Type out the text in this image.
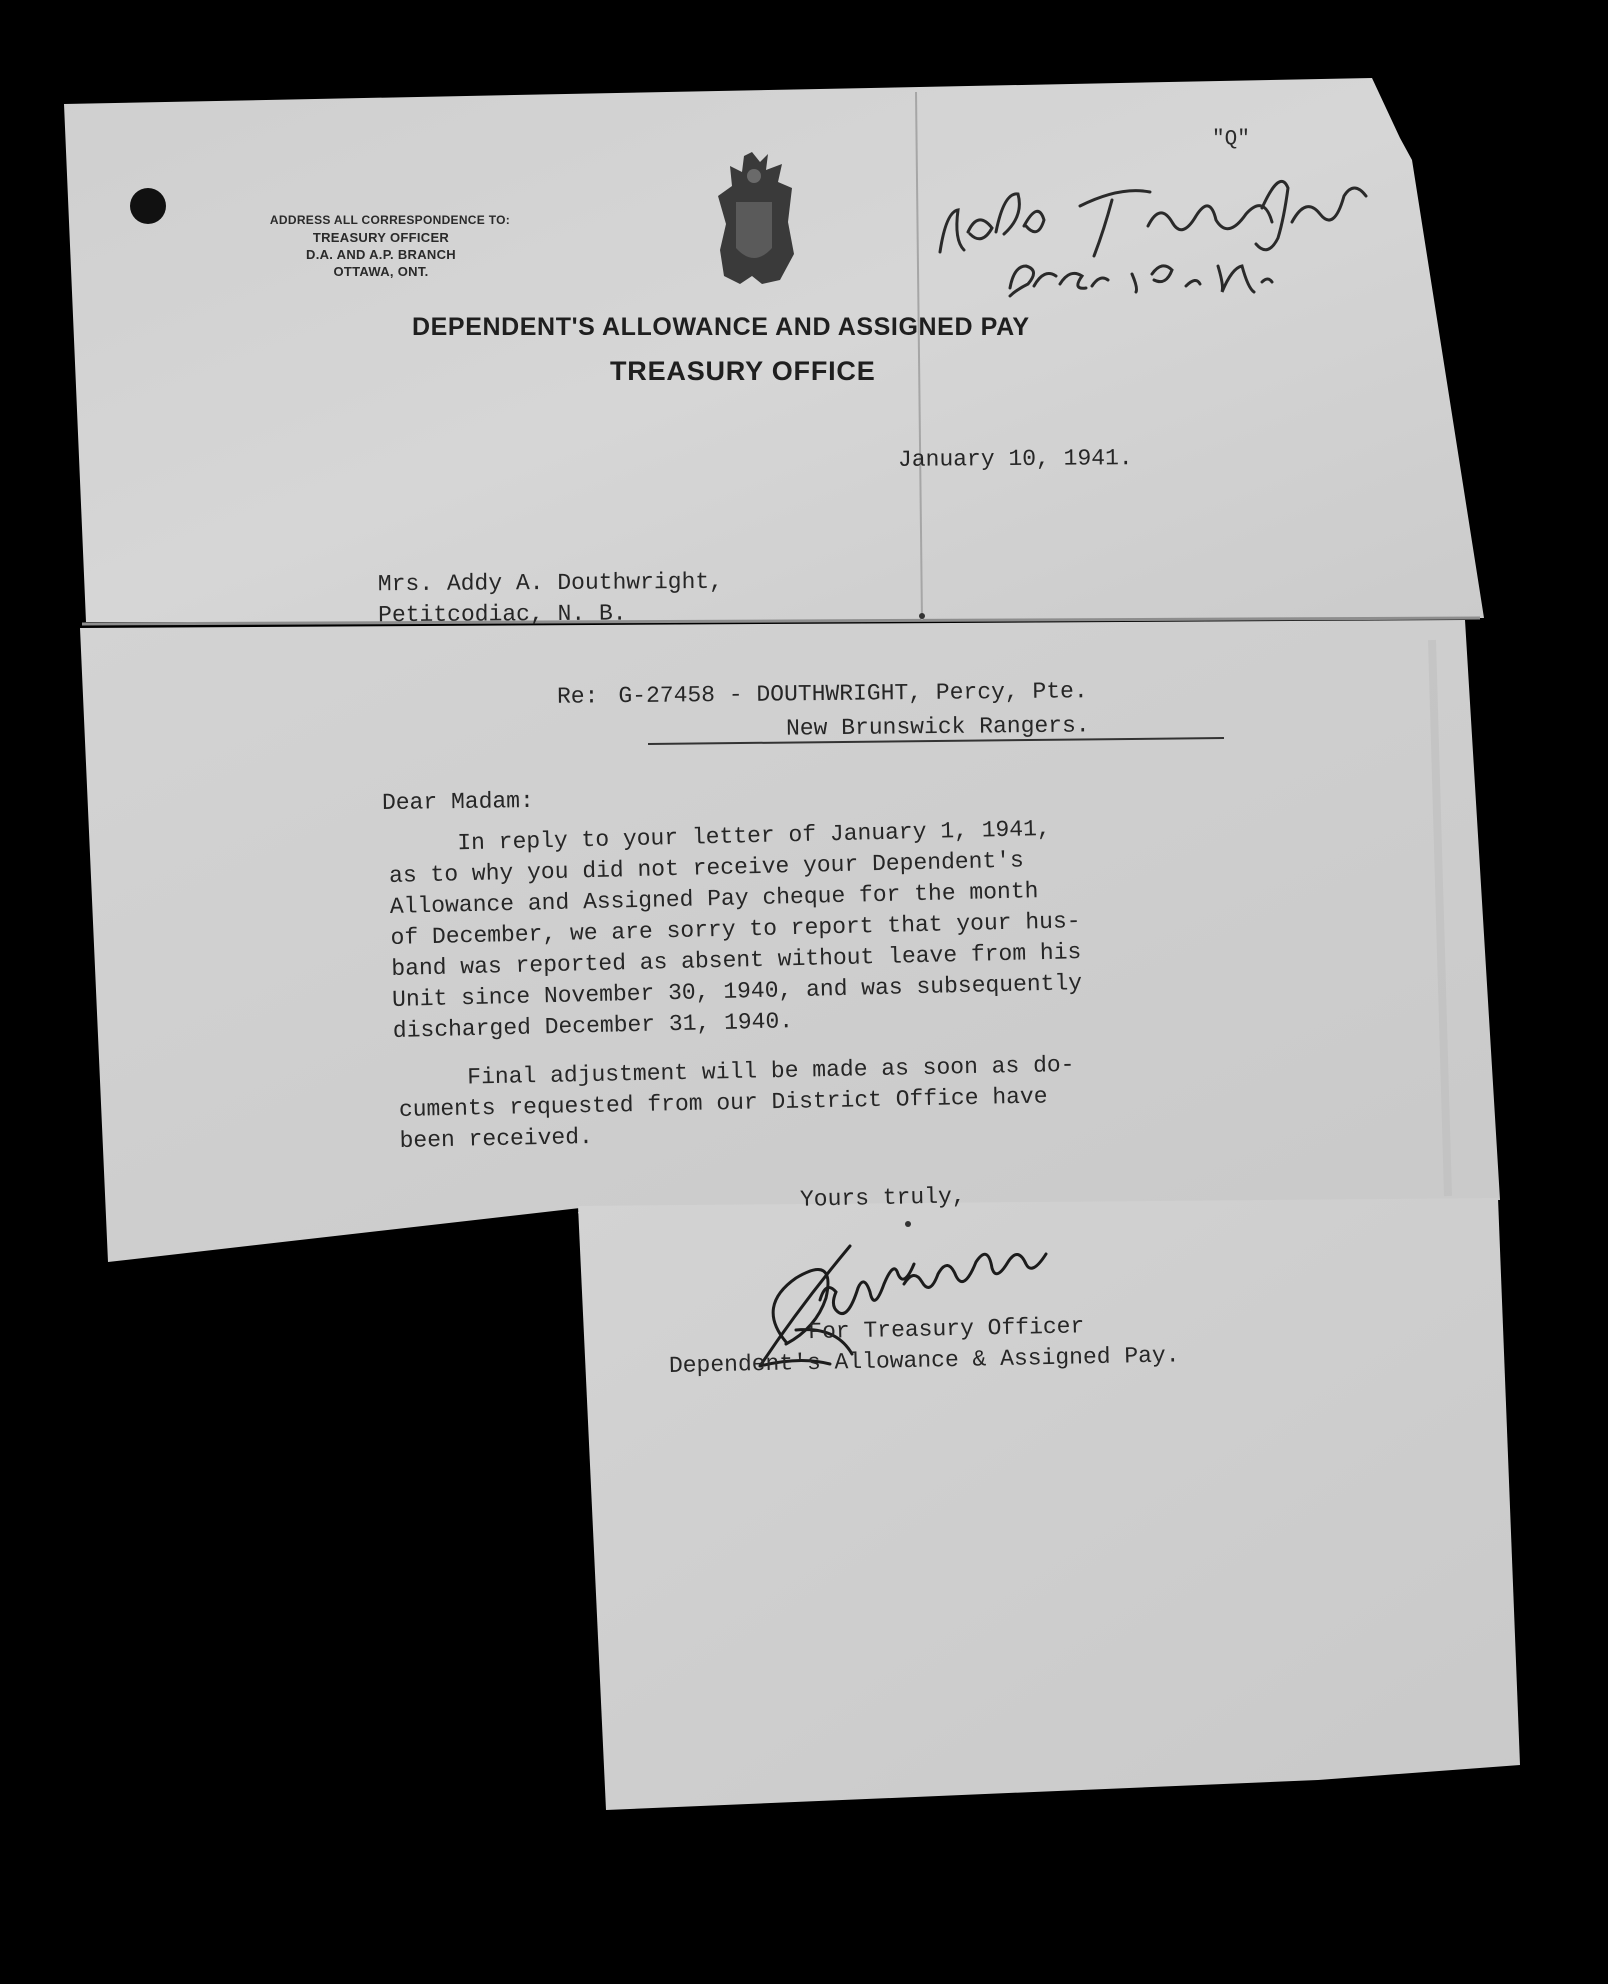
ADDRESS ALL CORRESPONDENCE TO:
TREASURY OFFICER
D.A. AND A.P. BRANCH
OTTAWA, ONT.
"Q"
DEPENDENT'S ALLOWANCE AND ASSIGNED PAY
TREASURY OFFICE
January 10, 1941.
Mrs. Addy A. Douthwright,
Petitcodiac, N. B.
Re: G-27458 - DOUTHWRIGHT, Percy, Pte.
New Brunswick Rangers.
Dear Madam:
In reply to your letter of January 1, 1941,
as to why you did not receive your Dependent's
Allowance and Assigned Pay cheque for the month
of December, we are sorry to report that your hus-
band was reported as absent without leave from his
Unit since November 30, 1940, and was subsequently
discharged December 31, 1940.
Final adjustment will be made as soon as do-
cuments requested from our District Office have
been received.
Yours truly,
For Treasury Officer
Dependent's Allowance & Assigned Pay.
